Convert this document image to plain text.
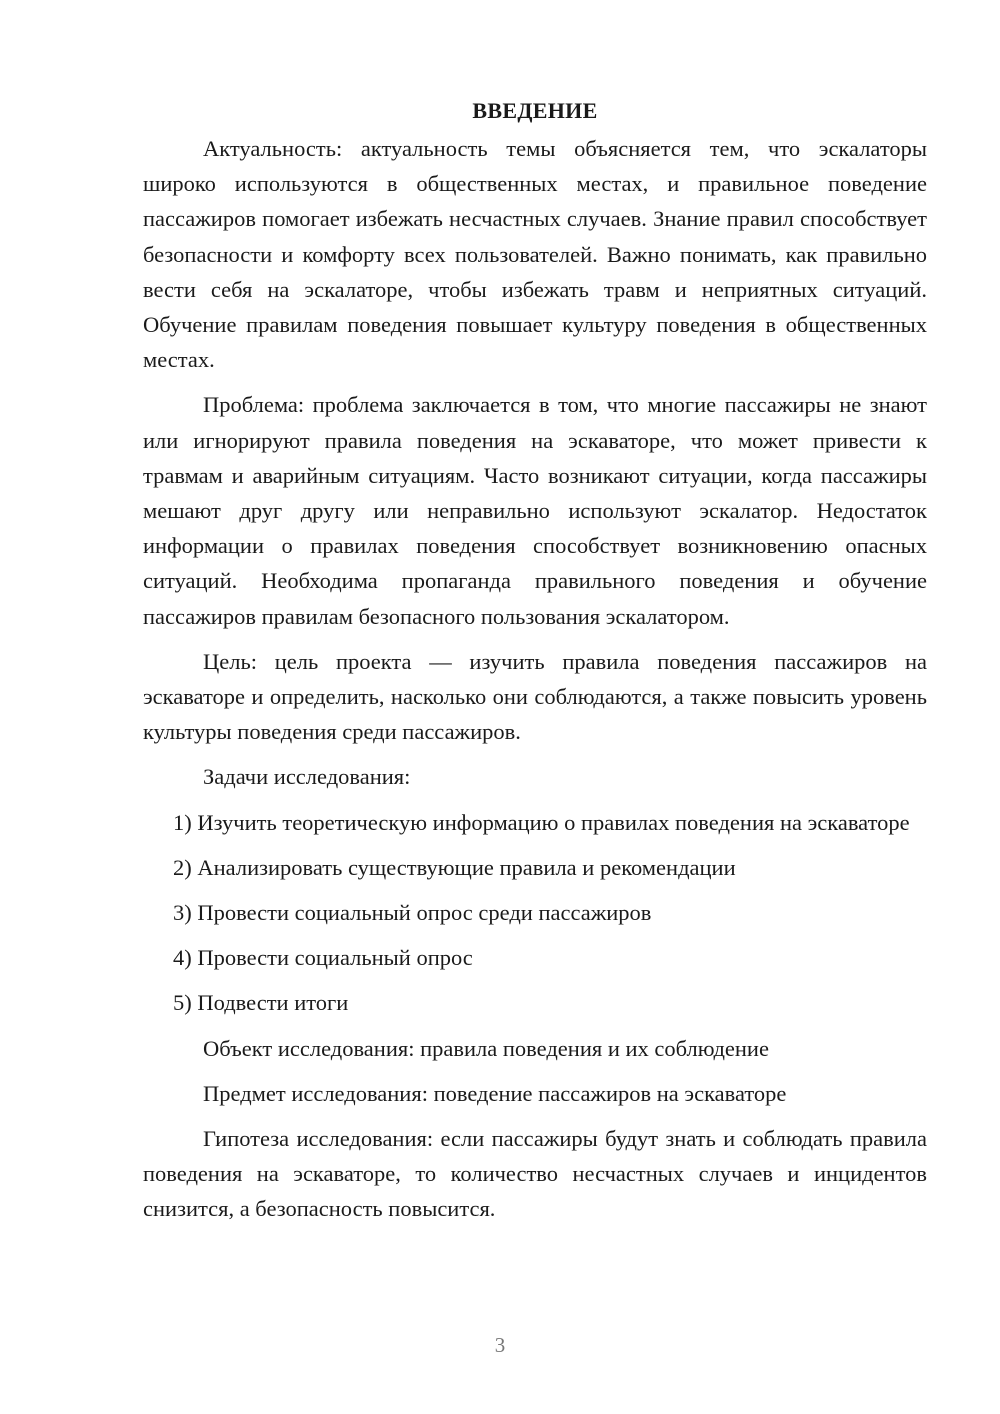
ВВЕДЕНИЕ
Актуальность: актуальность темы объясняется тем, что эскалаторы широко используются в общественных местах, и правильное поведение пассажиров помогает избежать несчастных случаев. Знание правил способствует безопасности и комфорту всех пользователей. Важно понимать, как правильно вести себя на эскалаторе, чтобы избежать травм и неприятных ситуаций. Обучение правилам поведения повышает культуру поведения в общественных местах.
Проблема: проблема заключается в том, что многие пассажиры не знают или игнорируют правила поведения на эскаваторе, что может привести к травмам и аварийным ситуациям. Часто возникают ситуации, когда пассажиры мешают друг другу или неправильно используют эскалатор. Недостаток информации о правилах поведения способствует возникновению опасных ситуаций. Необходима пропаганда правильного поведения и обучение пассажиров правилам безопасного пользования эскалатором.
Цель: цель проекта — изучить правила поведения пассажиров на эскаваторе и определить, насколько они соблюдаются, а также повысить уровень культуры поведения среди пассажиров.
Задачи исследования:
1) Изучить теоретическую информацию о правилах поведения на эскаваторе
2) Анализировать существующие правила и рекомендации
3) Провести социальный опрос среди пассажиров
4) Провести социальный опрос
5) Подвести итоги
Объект исследования: правила поведения и их соблюдение
Предмет исследования: поведение пассажиров на эскаваторе
Гипотеза исследования: если пассажиры будут знать и соблюдать правила поведения на эскаваторе, то количество несчастных случаев и инцидентов снизится, а безопасность повысится.
3
